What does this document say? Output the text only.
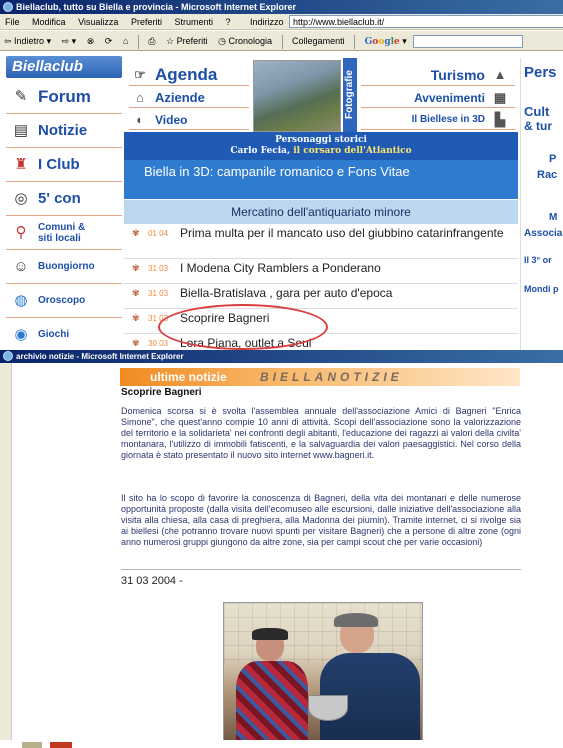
Biellaclub, tutto su Biella e provincia - Microsoft Internet Explorer
File Modifica Visualizza Preferiti Strumenti ?	Indirizzo http://www.biellaclub.it/
⇦ Indietro ▾ ⇨ ▾ ⊗ ⟳ ⌂ ⎙ ☆ Preferiti ◷ Cronologia Collegamenti Google ▾
Biellaclub
✎ Forum
▤ Notizie
♜ I Club
◎ 5' con
⚲	Comuni & siti locali
☺ Buongiorno
◍	Oroscopo
◉	Giochi
☞ Agenda
⌂ Aziende
◐ Video
Fotografie	Turismo ▲
Avvenimenti ▦
Il Biellese in 3D ▙
Pers
Cult
& tur
P
Rac
M
Associa
Il 3° or
Mondi p
Personaggi storici
Carlo Fecia, il corsaro dell'Atlantico
Biella in 3D: campanile romanico e Fons Vitae
Mercatino dell'antiquariato minore
✾	01 04 Prima multa per il mancato uso del giubbino catarinfrangente
✾	31 03 I Modena City Ramblers a Ponderano
✾	31 03 Biella-Bratislava , gara per auto d'epoca
✾	31 03 Scoprire Bagneri
✾	30 03 Lora Piana, outlet a Seul
archivio notizie - Microsoft Internet Explorer
ultime notizie	BIELLANOTIZIE
Scoprire Bagneri
Domenica scorsa si è svolta l'assemblea annuale dell'associazione Amici di Bagneri "Enrica Simone", che quest'anno compie 10 anni di attività. Scopi dell'associazione sono la valorizzazione del territorio e la solidarieta' nei confronti degli abitanti, l'educazione dei ragazzi ai valori della civilta' montanara, l'utilizzo di immobili fatiscenti, e la salvaguardia dei valori paesaggistici. Nel corso della giornata è stato presentato il nuovo sito internet www.bagneri.it.
Il sito ha lo scopo di favorire la conoscenza di Bagneri, della vita dei montanari e delle numerose opportunità proposte (dalla visita dell'ecomuseo alle escursioni, dalle iniziative dell'associazione alla visita alla chiesa, alla casa di preghiera, alla Madonna dei piumin). Tramite internet, ci si rivolge sia ai biellesi (che potranno trovare nuovi spunti per visitare Bagneri) che a persone di altre zone (ogni anno numerosi gruppi giungono da altre zone, sia per campi scout che per varie occasioni)
31 03 2004 -
